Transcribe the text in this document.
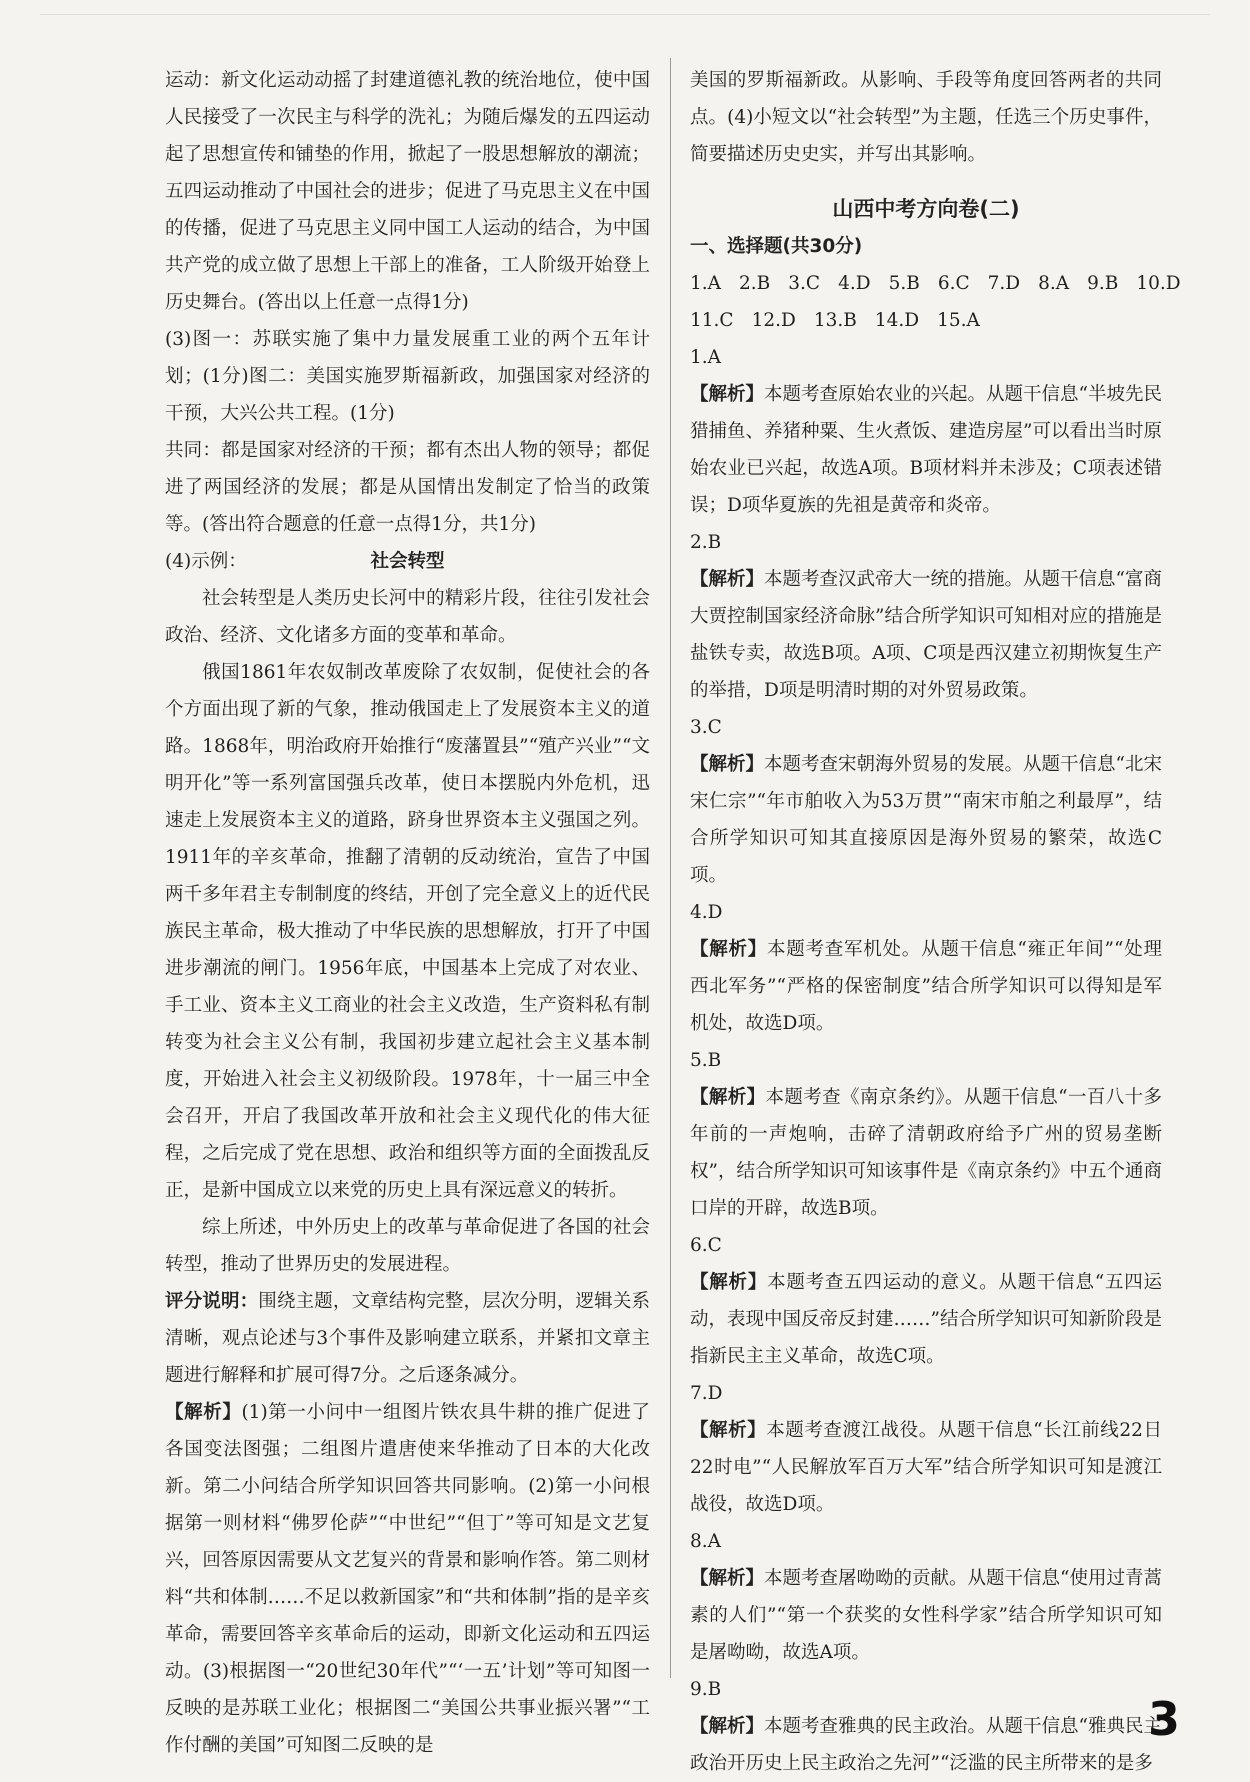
运动：新文化运动动摇了封建道德礼教的统治地位，使中国人民接受了一次民主与科学的洗礼；为随后爆发的五四运动起了思想宣传和铺垫的作用，掀起了一股思想解放的潮流；五四运动推动了中国社会的进步；促进了马克思主义在中国的传播，促进了马克思主义同中国工人运动的结合，为中国共产党的成立做了思想上干部上的准备，工人阶级开始登上历史舞台。(答出以上任意一点得1分)

(3)图一：苏联实施了集中力量发展重工业的两个五年计划；(1分)图二：美国实施罗斯福新政，加强国家对经济的干预，大兴公共工程。(1分)

共同：都是国家对经济的干预；都有杰出人物的领导；都促进了两国经济的发展；都是从国情出发制定了恰当的政策等。(答出符合题意的任意一点得1分，共1分)

(4)示例：	社会转型

社会转型是人类历史长河中的精彩片段，往往引发社会政治、经济、文化诸多方面的变革和革命。

俄国1861年农奴制改革废除了农奴制，促使社会的各个方面出现了新的气象，推动俄国走上了发展资本主义的道路。1868年，明治政府开始推行“废藩置县”“殖产兴业”“文明开化”等一系列富国强兵改革，使日本摆脱内外危机，迅速走上发展资本主义的道路，跻身世界资本主义强国之列。1911年的辛亥革命，推翻了清朝的反动统治，宣告了中国两千多年君主专制制度的终结，开创了完全意义上的近代民族民主革命，极大推动了中华民族的思想解放，打开了中国进步潮流的闸门。1956年底，中国基本上完成了对农业、手工业、资本主义工商业的社会主义改造，生产资料私有制转变为社会主义公有制，我国初步建立起社会主义基本制度，开始进入社会主义初级阶段。1978年，十一届三中全会召开，开启了我国改革开放和社会主义现代化的伟大征程，之后完成了党在思想、政治和组织等方面的全面拨乱反正，是新中国成立以来党的历史上具有深远意义的转折。

综上所述，中外历史上的改革与革命促进了各国的社会转型，推动了世界历史的发展进程。

评分说明：围绕主题，文章结构完整，层次分明，逻辑关系清晰，观点论述与3个事件及影响建立联系，并紧扣文章主题进行解释和扩展可得7分。之后逐条减分。

【解析】(1)第一小问中一组图片铁农具牛耕的推广促进了各国变法图强；二组图片遣唐使来华推动了日本的大化改新。第二小问结合所学知识回答共同影响。(2)第一小问根据第一则材料“佛罗伦萨”“中世纪”“但丁”等可知是文艺复兴，回答原因需要从文艺复兴的背景和影响作答。第二则材料“共和体制……不足以救新国家”和“共和体制”指的是辛亥革命，需要回答辛亥革命后的运动，即新文化运动和五四运动。(3)根据图一“20世纪30年代”“‘一五’计划”等可知图一反映的是苏联工业化；根据图二“美国公共事业振兴署”“工作付酬的美国”可知图二反映的是

美国的罗斯福新政。从影响、手段等角度回答两者的共同点。(4)小短文以“社会转型”为主题，任选三个历史事件，简要描述历史史实，并写出其影响。

山西中考方向卷(二)

一、选择题(共30分)

1.A 2.B 3.C 4.D 5.B 6.C 7.D 8.A 9.B 10.D

11.C 12.D 13.B 14.D 15.A

1.A

【解析】本题考查原始农业的兴起。从题干信息“半坡先民猎捕鱼、养猪种粟、生火煮饭、建造房屋”可以看出当时原始农业已兴起，故选A项。B项材料并未涉及；C项表述错误；D项华夏族的先祖是黄帝和炎帝。

2.B

【解析】本题考查汉武帝大一统的措施。从题干信息“富商大贾控制国家经济命脉”结合所学知识可知相对应的措施是盐铁专卖，故选B项。A项、C项是西汉建立初期恢复生产的举措，D项是明清时期的对外贸易政策。

3.C

【解析】本题考查宋朝海外贸易的发展。从题干信息“北宋宋仁宗”“年市舶收入为53万贯”“南宋市舶之利最厚”，结合所学知识可知其直接原因是海外贸易的繁荣，故选C项。

4.D

【解析】本题考查军机处。从题干信息“雍正年间”“处理西北军务”“严格的保密制度”结合所学知识可以得知是军机处，故选D项。

5.B

【解析】本题考查《南京条约》。从题干信息“一百八十多年前的一声炮响，击碎了清朝政府给予广州的贸易垄断权”，结合所学知识可知该事件是《南京条约》中五个通商口岸的开辟，故选B项。

6.C

【解析】本题考查五四运动的意义。从题干信息“五四运动，表现中国反帝反封建……”结合所学知识可知新阶段是指新民主主义革命，故选C项。

7.D

【解析】本题考查渡江战役。从题干信息“长江前线22日22时电”“人民解放军百万大军”结合所学知识可知是渡江战役，故选D项。

8.A

【解析】本题考查屠呦呦的贡献。从题干信息“使用过青蒿素的人们”“第一个获奖的女性科学家”结合所学知识可知是屠呦呦，故选A项。

9.B

【解析】本题考查雅典的民主政治。从题干信息“雅典民主政治开历史上民主政治之先河”“泛滥的民主所带来的是多

3
